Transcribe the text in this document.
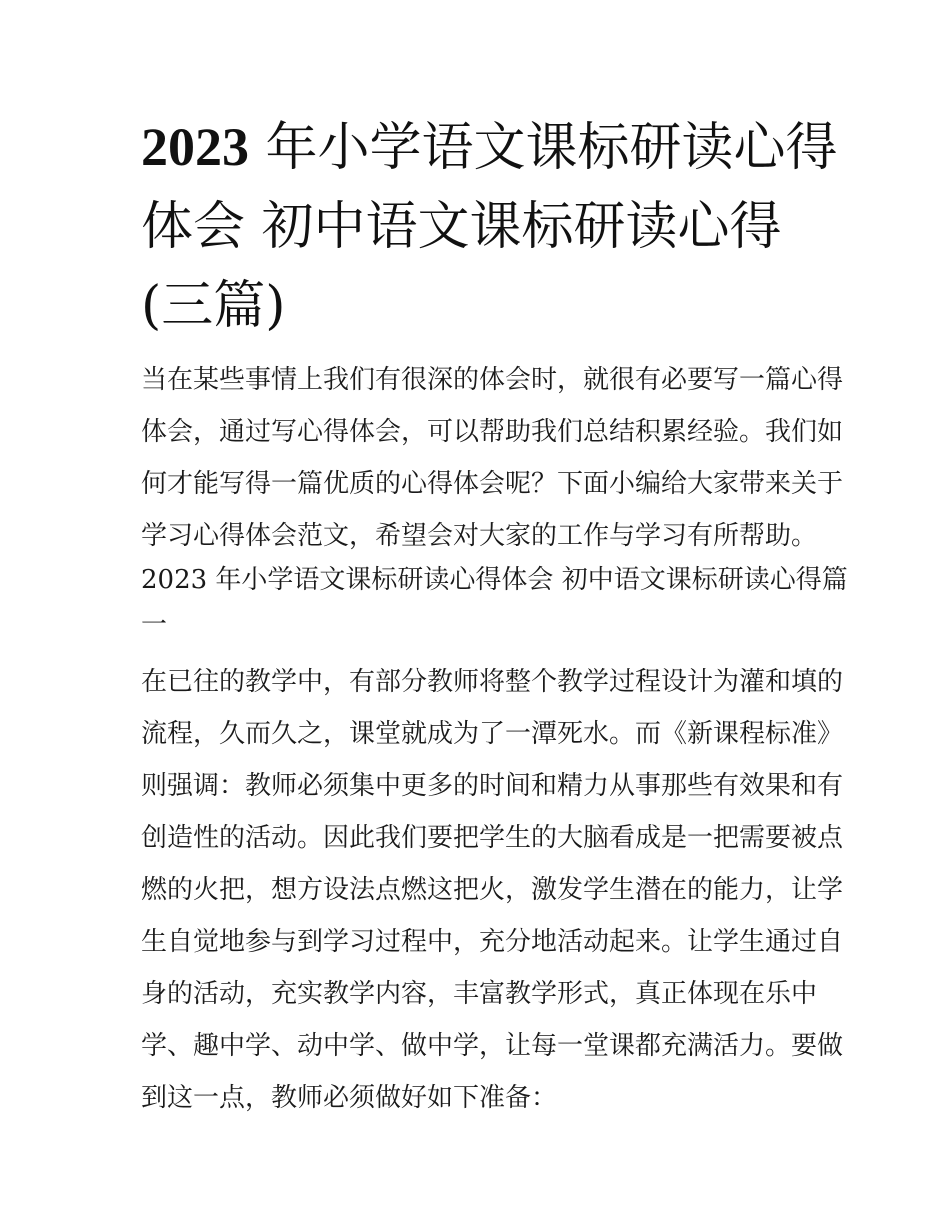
2023 年小学语文课标研读心得
体会 初中语文课标研读心得
(三篇)
当在某些事情上我们有很深的体会时，就很有必要写一篇心得
体会，通过写心得体会，可以帮助我们总结积累经验。我们如
何才能写得一篇优质的心得体会呢？下面小编给大家带来关于
学习心得体会范文，希望会对大家的工作与学习有所帮助。
2023 年小学语文课标研读心得体会 初中语文课标研读心得篇
一
在已往的教学中，有部分教师将整个教学过程设计为灌和填的
流程，久而久之，课堂就成为了一潭死水。而《新课程标准》
则强调：教师必须集中更多的时间和精力从事那些有效果和有
创造性的活动。因此我们要把学生的大脑看成是一把需要被点
燃的火把，想方设法点燃这把火，激发学生潜在的能力，让学
生自觉地参与到学习过程中，充分地活动起来。让学生通过自
身的活动，充实教学内容，丰富教学形式，真正体现在乐中
学、趣中学、动中学、做中学，让每一堂课都充满活力。要做
到这一点，教师必须做好如下准备：
